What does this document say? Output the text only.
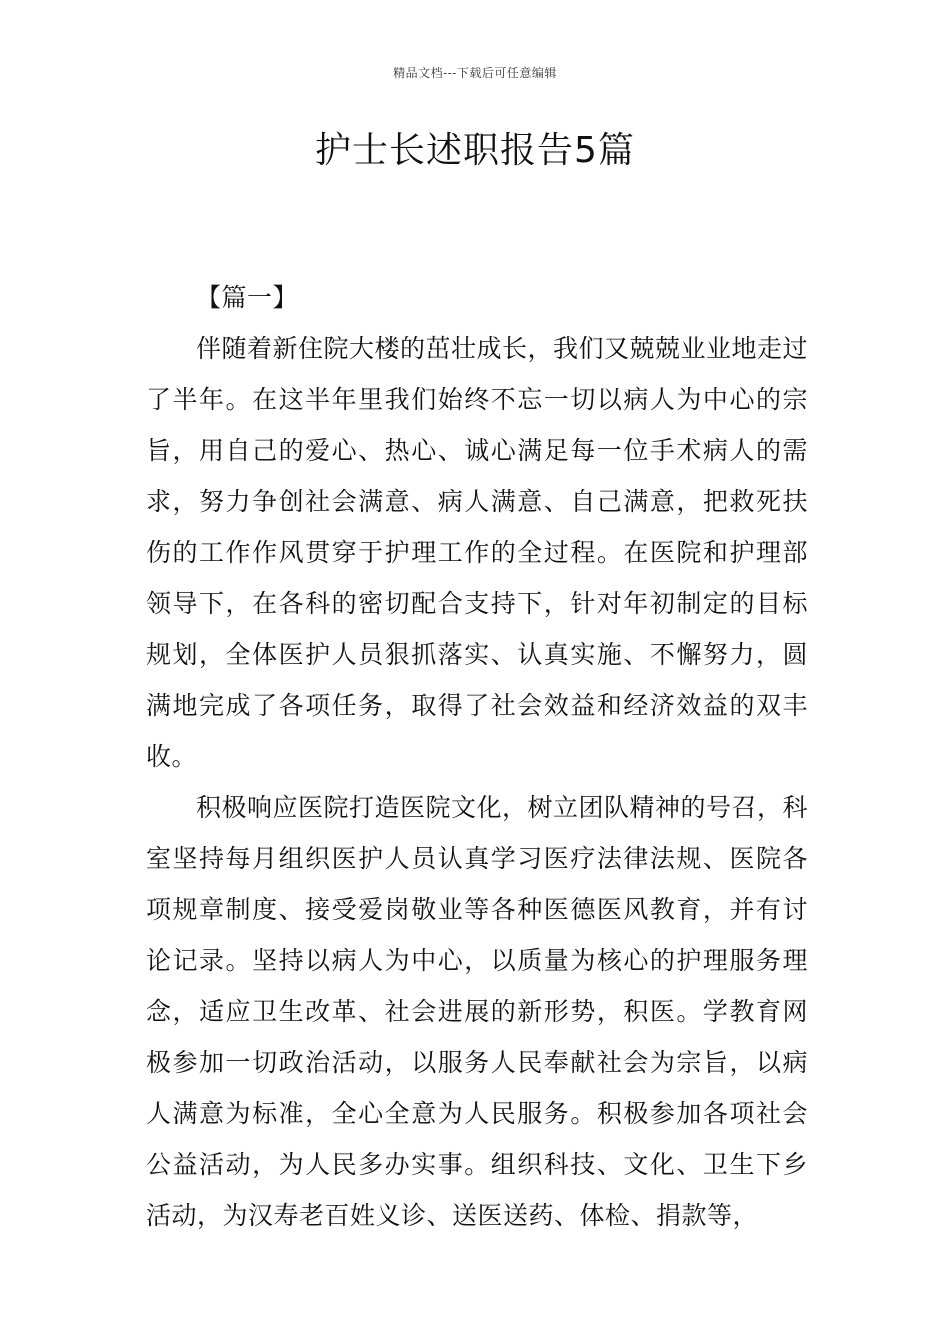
精品文档---下载后可任意编辑
护士长述职报告5篇

【篇一】

伴随着新住院大楼的茁壮成长，我们又兢兢业业地走过了半年。在这半年里我们始终不忘一切以病人为中心的宗旨，用自己的爱心、热心、诚心满足每一位手术病人的需求，努力争创社会满意、病人满意、自己满意，把救死扶伤的工作作风贯穿于护理工作的全过程。在医院和护理部领导下，在各科的密切配合支持下，针对年初制定的目标规划，全体医护人员狠抓落实、认真实施、不懈努力，圆满地完成了各项任务，取得了社会效益和经济效益的双丰收。

积极响应医院打造医院文化，树立团队精神的号召，科室坚持每月组织医护人员认真学习医疗法律法规、医院各项规章制度、接受爱岗敬业等各种医德医风教育，并有讨论记录。坚持以病人为中心，以质量为核心的护理服务理念，适应卫生改革、社会进展的新形势，积医。学教育网极参加一切政治活动，以服务人民奉献社会为宗旨，以病人满意为标准，全心全意为人民服务。积极参加各项社会公益活动，为人民多办实事。组织科技、文化、卫生下乡活动，为汉寿老百姓义诊、送医送药、体检、捐款等，
